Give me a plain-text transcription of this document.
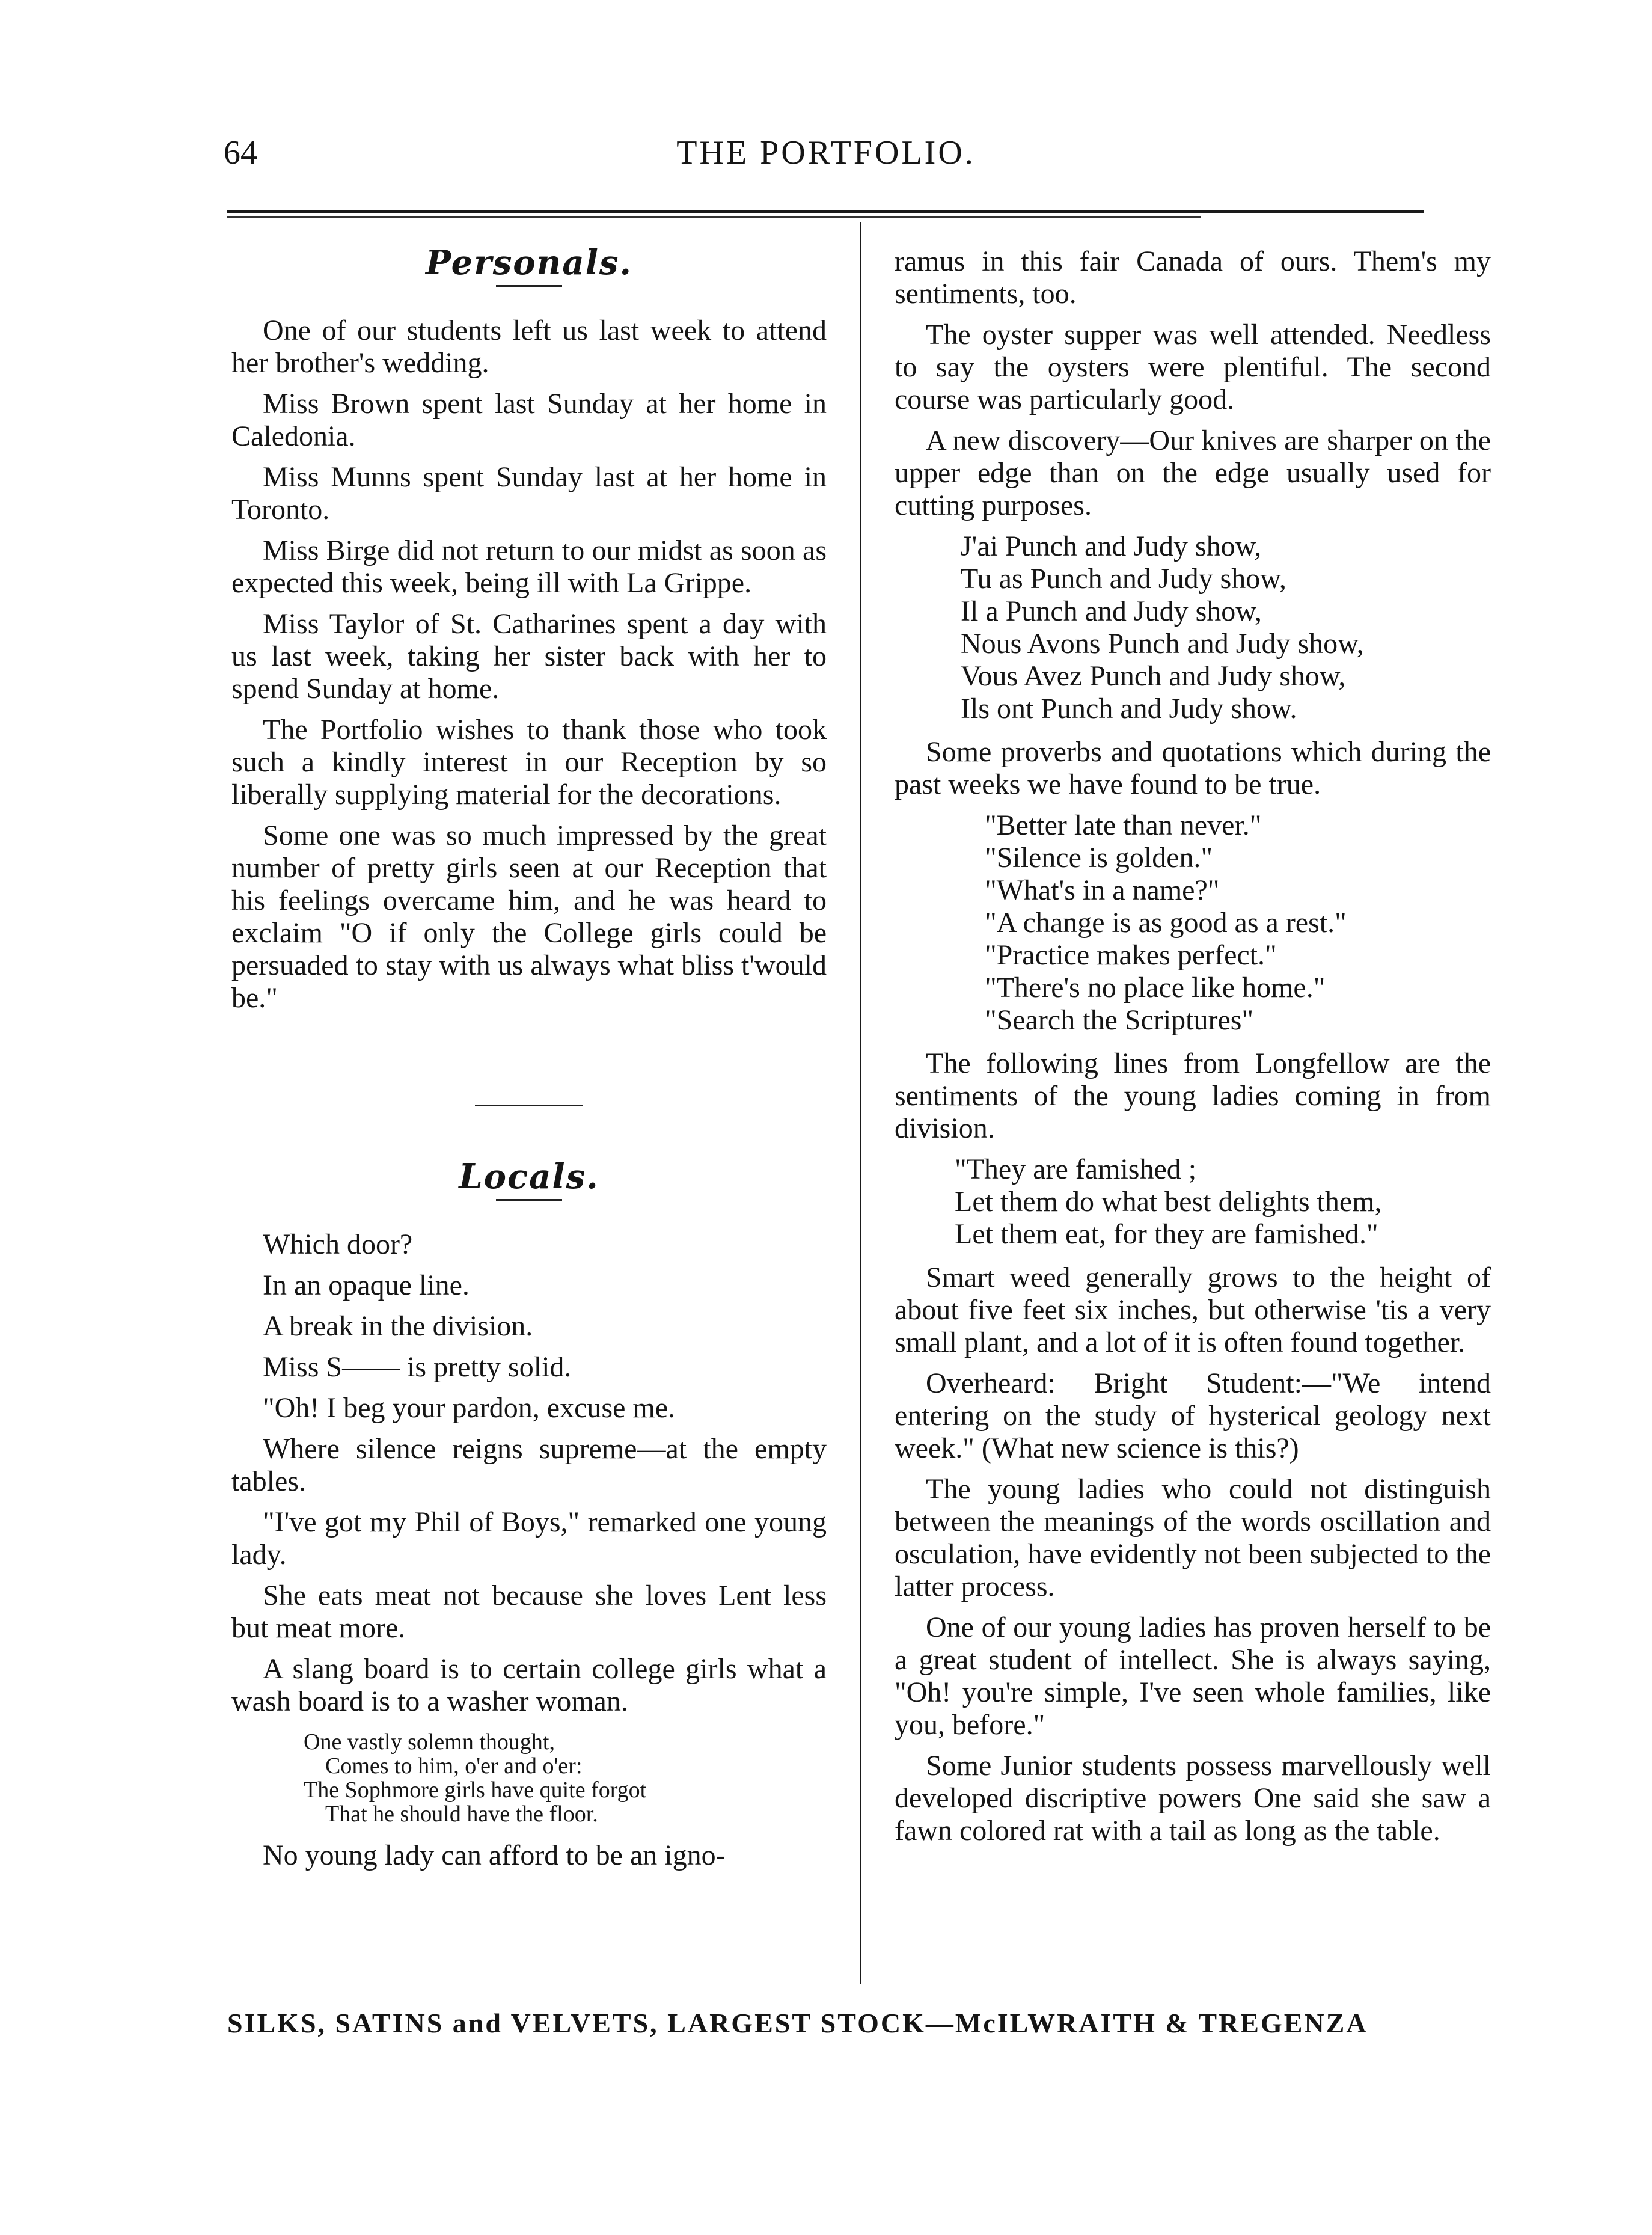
64	THE PORTFOLIO.
Personals.

One of our students left us last week to attend her brother's wedding.

Miss Brown spent last Sunday at her home in Caledonia.

Miss Munns spent Sunday last at her home in Toronto.

Miss Birge did not return to our midst as soon as expected this week, being ill with La Grippe.

Miss Taylor of St. Catharines spent a day with us last week, taking her sister back with her to spend Sunday at home.

The Portfolio wishes to thank those who took such a kindly interest in our Reception by so liberally supplying material for the decorations.

Some one was so much impressed by the great number of pretty girls seen at our Reception that his feelings overcame him, and he was heard to exclaim "O if only the College girls could be persuaded to stay with us always what bliss t'would be."

Locals.

Which door?

In an opaque line.

A break in the division.

Miss S—— is pretty solid.

"Oh! I beg your pardon, excuse me.

Where silence reigns supreme—at the empty tables.

"I've got my Phil of Boys," remarked one young lady.

She eats meat not because she loves Lent less but meat more.

A slang board is to certain college girls what a wash board is to a washer woman.

One vastly solemn thought,
Comes to him, o'er and o'er:
The Sophmore girls have quite forgot
That he should have the floor.

No young lady can afford to be an igno-

ramus in this fair Canada of ours. Them's my sentiments, too.

The oyster supper was well attended. Needless to say the oysters were plentiful. The second course was particularly good.

A new discovery—Our knives are sharper on the upper edge than on the edge usually used for cutting purposes.

J'ai Punch and Judy show,
Tu as Punch and Judy show,
Il a Punch and Judy show,
Nous Avons Punch and Judy show,
Vous Avez Punch and Judy show,
Ils ont Punch and Judy show.

Some proverbs and quotations which during the past weeks we have found to be true.

"Better late than never."
"Silence is golden."
"What's in a name?"
"A change is as good as a rest."
"Practice makes perfect."
"There's no place like home."
"Search the Scriptures"

The following lines from Longfellow are the sentiments of the young ladies coming in from division.

"They are famished ;
Let them do what best delights them,
Let them eat, for they are famished."

Smart weed generally grows to the height of about five feet six inches, but otherwise 'tis a very small plant, and a lot of it is often found together.

Overheard: Bright Student:—"We intend entering on the study of hysterical geology next week." (What new science is this?)

The young ladies who could not distinguish between the meanings of the words oscillation and osculation, have evidently not been subjected to the latter process.

One of our young ladies has proven herself to be a great student of intellect. She is always saying, "Oh! you're simple, I've seen whole families, like you, before."

Some Junior students possess marvellously well developed discriptive powers One said she saw a fawn colored rat with a tail as long as the table.

SILKS, SATINS and VELVETS, LARGEST STOCK—McILWRAITH & TREGENZA
